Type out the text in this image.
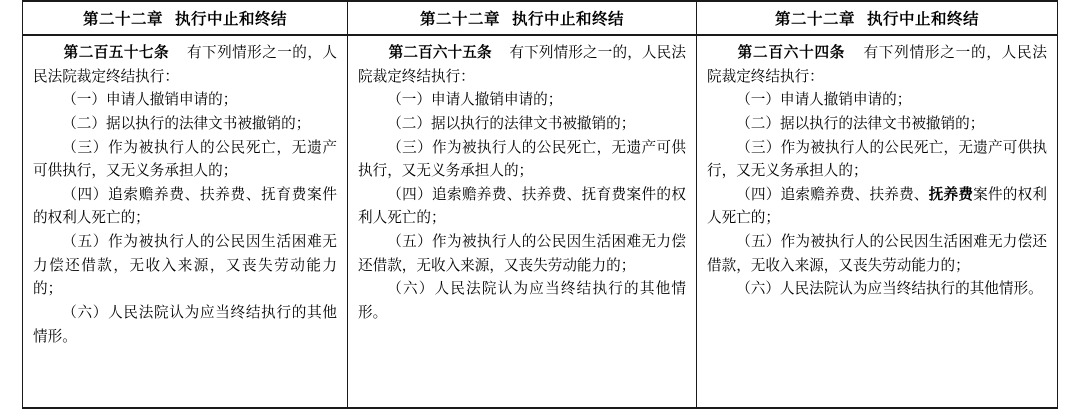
第二十二章 执行中止和终结

第二百五十七条 有下列情形之一的，人民法院裁定终结执行：

（一）申请人撤销申请的；

（二）据以执行的法律文书被撤销的；

（三）作为被执行人的公民死亡，无遗产可供执行，又无义务承担人的；

（四）追索赡养费、扶养费、抚育费案件的权利人死亡的；

（五）作为被执行人的公民因生活困难无力偿还借款，无收入来源，又丧失劳动能力的；

（六）人民法院认为应当终结执行的其他情形。

第二十二章 执行中止和终结

第二百六十五条 有下列情形之一的，人民法院裁定终结执行：

（一）申请人撤销申请的；

（二）据以执行的法律文书被撤销的；

（三）作为被执行人的公民死亡，无遗产可供执行，又无义务承担人的；

（四）追索赡养费、扶养费、抚育费案件的权利人死亡的；

（五）作为被执行人的公民因生活困难无力偿还借款，无收入来源，又丧失劳动能力的；

（六）人民法院认为应当终结执行的其他情形。

第二十二章 执行中止和终结

第二百六十四条 有下列情形之一的，人民法院裁定终结执行：

（一）申请人撤销申请的；

（二）据以执行的法律文书被撤销的；

（三）作为被执行人的公民死亡，无遗产可供执行，又无义务承担人的；

（四）追索赡养费、扶养费、抚养费案件的权利人死亡的；

（五）作为被执行人的公民因生活困难无力偿还借款，无收入来源，又丧失劳动能力的；

（六）人民法院认为应当终结执行的其他情形。
